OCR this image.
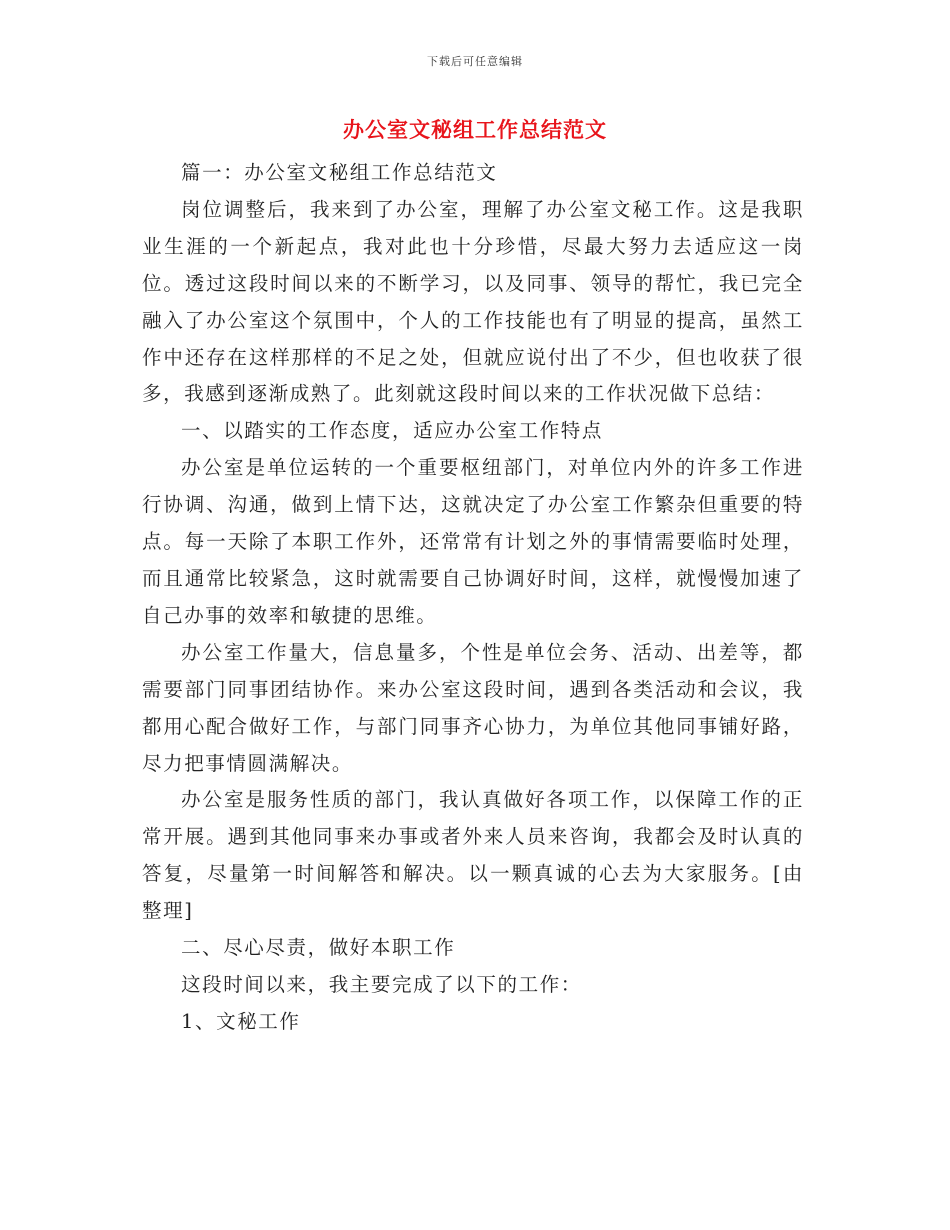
下载后可任意编辑
办公室文秘组工作总结范文

篇一：办公室文秘组工作总结范文

岗位调整后，我来到了办公室，理解了办公室文秘工作。这是我职业生涯的一个新起点，我对此也十分珍惜，尽最大努力去适应这一岗位。透过这段时间以来的不断学习，以及同事、领导的帮忙，我已完全融入了办公室这个氛围中，个人的工作技能也有了明显的提高，虽然工作中还存在这样那样的不足之处，但就应说付出了不少，但也收获了很多，我感到逐渐成熟了。此刻就这段时间以来的工作状况做下总结：

一、以踏实的工作态度，适应办公室工作特点

办公室是单位运转的一个重要枢纽部门，对单位内外的许多工作进行协调、沟通，做到上情下达，这就决定了办公室工作繁杂但重要的特点。每一天除了本职工作外，还常常有计划之外的事情需要临时处理，而且通常比较紧急，这时就需要自己协调好时间，这样，就慢慢加速了自己办事的效率和敏捷的思维。

办公室工作量大，信息量多，个性是单位会务、活动、出差等，都需要部门同事团结协作。来办公室这段时间，遇到各类活动和会议，我都用心配合做好工作，与部门同事齐心协力，为单位其他同事铺好路，尽力把事情圆满解决。

办公室是服务性质的部门，我认真做好各项工作，以保障工作的正常开展。遇到其他同事来办事或者外来人员来咨询，我都会及时认真的答复，尽量第一时间解答和解决。以一颗真诚的心去为大家服务。[由整理]

二、尽心尽责，做好本职工作

这段时间以来，我主要完成了以下的工作：

1、文秘工作
